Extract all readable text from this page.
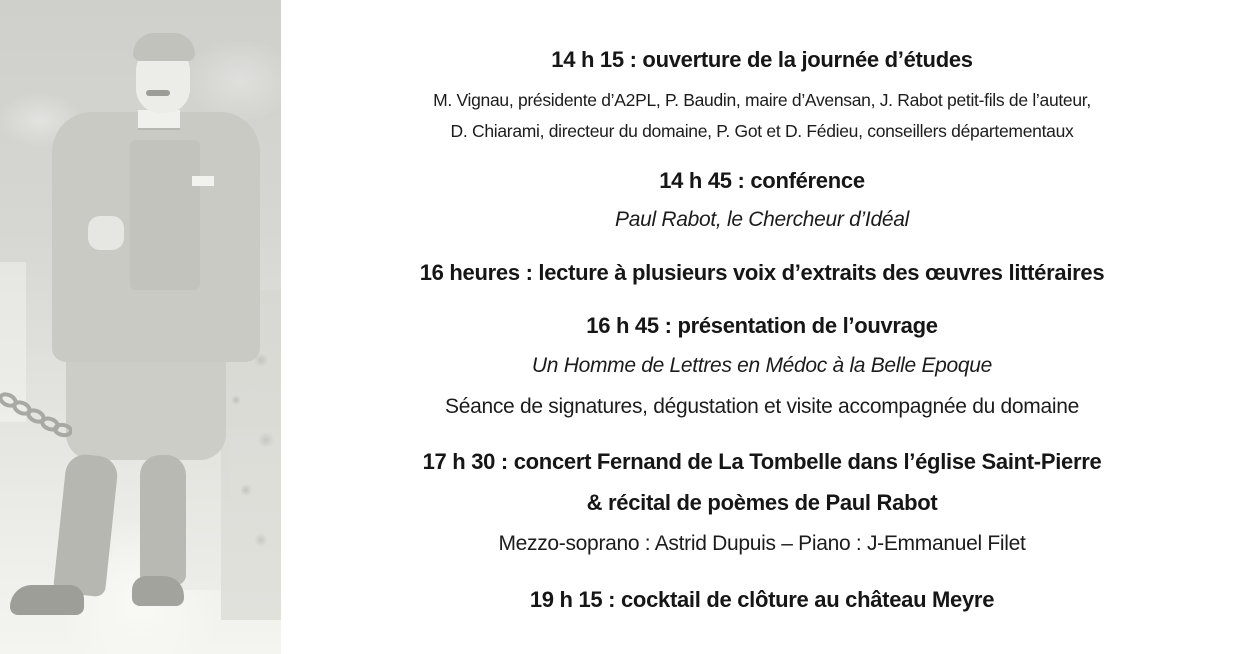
14 h 15 : ouverture de la journée d’études
M. Vignau, présidente d’A2PL, P. Baudin, maire d’Avensan, J. Rabot petit-fils de l’auteur,
D. Chiarami, directeur du domaine, P. Got et D. Fédieu, conseillers départementaux
14 h 45 : conférence
Paul Rabot, le Chercheur d’Idéal
16 heures : lecture à plusieurs voix d’extraits des œuvres littéraires
16 h 45 : présentation de l’ouvrage
Un Homme de Lettres en Médoc à la Belle Epoque
Séance de signatures, dégustation et visite accompagnée du domaine
17 h 30 : concert Fernand de La Tombelle dans l’église Saint-Pierre
& récital de poèmes de Paul Rabot
Mezzo-soprano : Astrid Dupuis – Piano : J-Emmanuel Filet
19 h 15 : cocktail de clôture au château Meyre
